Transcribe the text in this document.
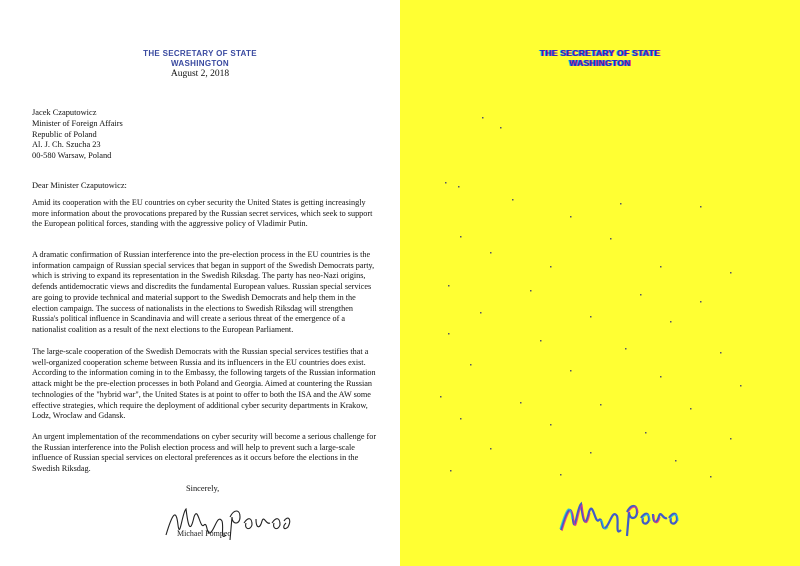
THE SECRETARY OF STATE
WASHINGTON
August 2, 2018
Jacek Czaputowicz
Minister of Foreign Affairs
Republic of Poland
Al. J. Ch. Szucha 23
00-580 Warsaw, Poland
Dear Minister Czaputowicz:

Amid its cooperation with the EU countries on cyber security the United States is getting increasingly more information about the provocations prepared by the Russian secret services, which seek to support the European political forces, standing with the aggressive policy of Vladimir Putin.

A dramatic confirmation of Russian interference into the pre-election process in the EU countries is the information campaign of Russian special services that began in support of the Swedish Democrats party, which is striving to expand its representation in the Swedish Riksdag. The party has neo-Nazi origins, defends antidemocratic views and discredits the fundamental European values. Russian special services are going to provide technical and material support to the Swedish Democrats and help them in the election campaign. The success of nationalists in the elections to Swedish Riksdag will strengthen Russia's political influence in Scandinavia and will create a serious threat of the emergence of a nationalist coalition as a result of the next elections to the European Parliament.

The large-scale cooperation of the Swedish Democrats with the Russian special services testifies that a well-organized cooperation scheme between Russia and its influencers in the EU countries does exist. According to the information coming in to the Embassy, the following targets of the Russian information attack might be the pre-election processes in both Poland and Georgia. Aimed at countering the Russian technologies of the "hybrid war", the United States is at point to offer to both the ISA and the AW some effective strategies, which require the deployment of additional cyber security departments in Krakow, Lodz, Wroclaw and Gdansk.

An urgent implementation of the recommendations on cyber security will become a serious challenge for the Russian interference into the Polish election process and will help to prevent such a large-scale influence of Russian special services on electoral preferences as it occurs before the elections in the Swedish Riksdag.

Sincerely,
Michael Pompeo
THE SECRETARY OF STATE
WASHINGTON
